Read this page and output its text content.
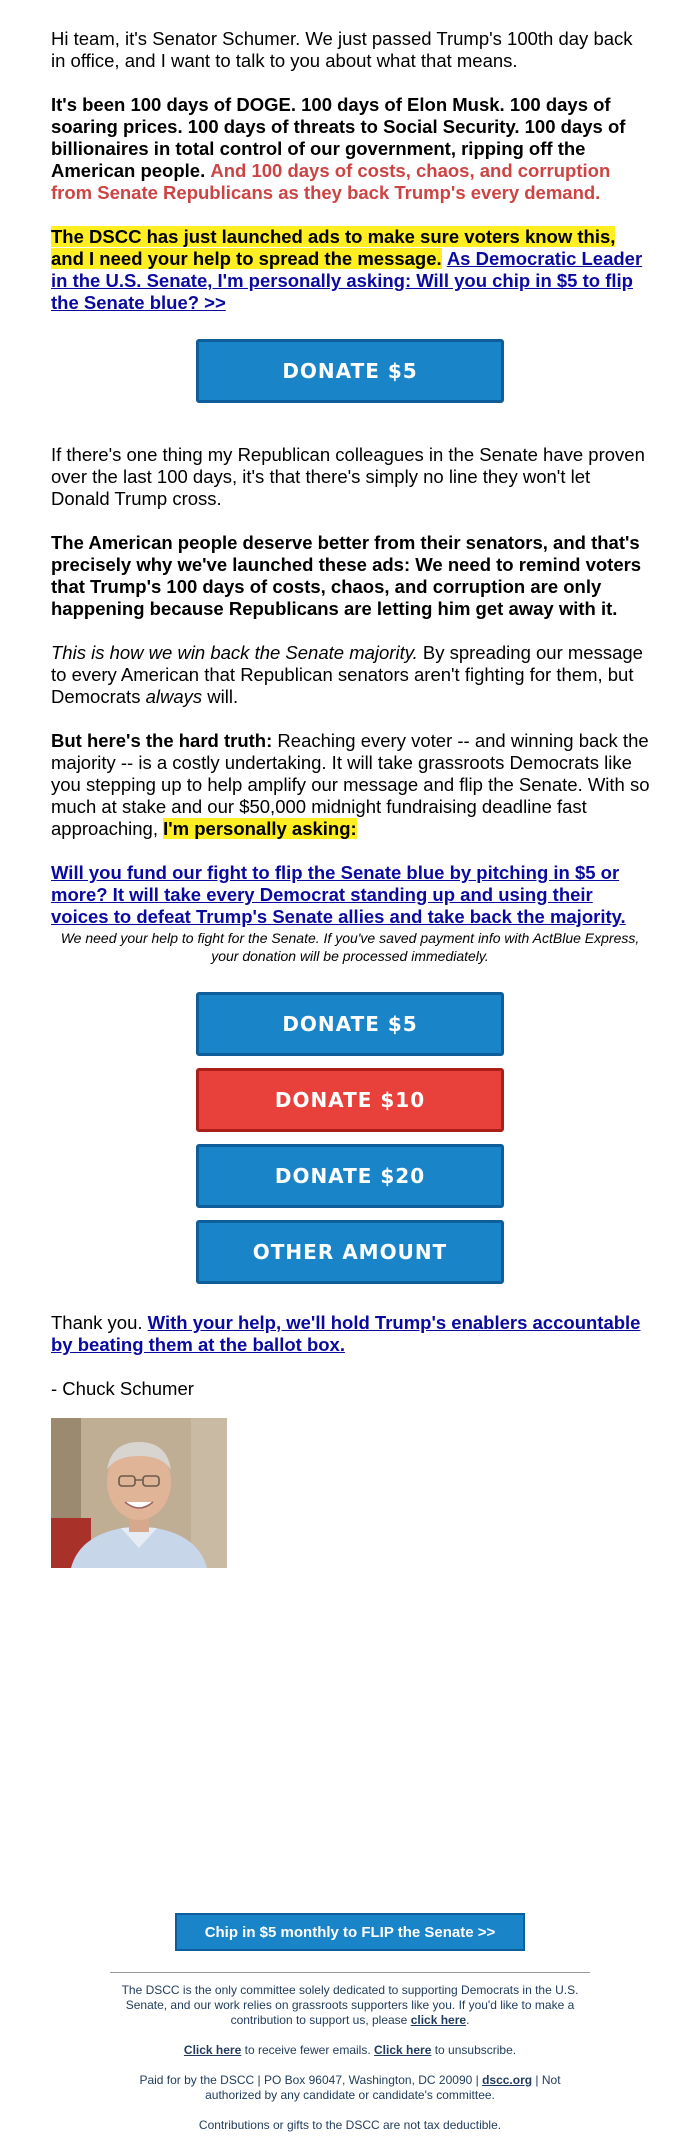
Hi team, it's Senator Schumer. We just passed Trump's 100th day back in office, and I want to talk to you about what that means.

It's been 100 days of DOGE. 100 days of Elon Musk. 100 days of soaring prices. 100 days of threats to Social Security. 100 days of billionaires in total control of our government, ripping off the American people. And 100 days of costs, chaos, and corruption from Senate Republicans as they back Trump's every demand.

The DSCC has just launched ads to make sure voters know this, and I need your help to spread the message. As Democratic Leader in the U.S. Senate, I'm personally asking: Will you chip in $5 to flip the Senate blue? >>

If there's one thing my Republican colleagues in the Senate have proven over the last 100 days, it's that there's simply no line they won't let Donald Trump cross.

The American people deserve better from their senators, and that's precisely why we've launched these ads: We need to remind voters that Trump's 100 days of costs, chaos, and corruption are only happening because Republicans are letting him get away with it.

This is how we win back the Senate majority. By spreading our message to every American that Republican senators aren't fighting for them, but Democrats always will.

But here's the hard truth: Reaching every voter -- and winning back the majority -- is a costly undertaking. It will take grassroots Democrats like you stepping up to help amplify our message and flip the Senate. With so much at stake and our $50,000 midnight fundraising deadline fast approaching, I'm personally asking:

Will you fund our fight to flip the Senate blue by pitching in $5 or more? It will take every Democrat standing up and using their voices to defeat Trump's Senate allies and take back the majority.

DONATE $5
We need your help to fight for the Senate. If you've saved payment info with ActBlue Express, your donation will be processed immediately.
DONATE $5
DONATE $10
DONATE $20
OTHER AMOUNT

Thank you. With your help, we'll hold Trump's enablers accountable by beating them at the ballot box.

- Chuck Schumer

Chip in $5 monthly to FLIP the Senate >>

The DSCC is the only committee solely dedicated to supporting Democrats in the U.S. Senate, and our work relies on grassroots supporters like you. If you'd like to make a contribution to support us, please click here.

Click here to receive fewer emails. Click here to unsubscribe.

Paid for by the DSCC | PO Box 96047, Washington, DC 20090 | dscc.org | Not authorized by any candidate or candidate's committee.

Contributions or gifts to the DSCC are not tax deductible.
